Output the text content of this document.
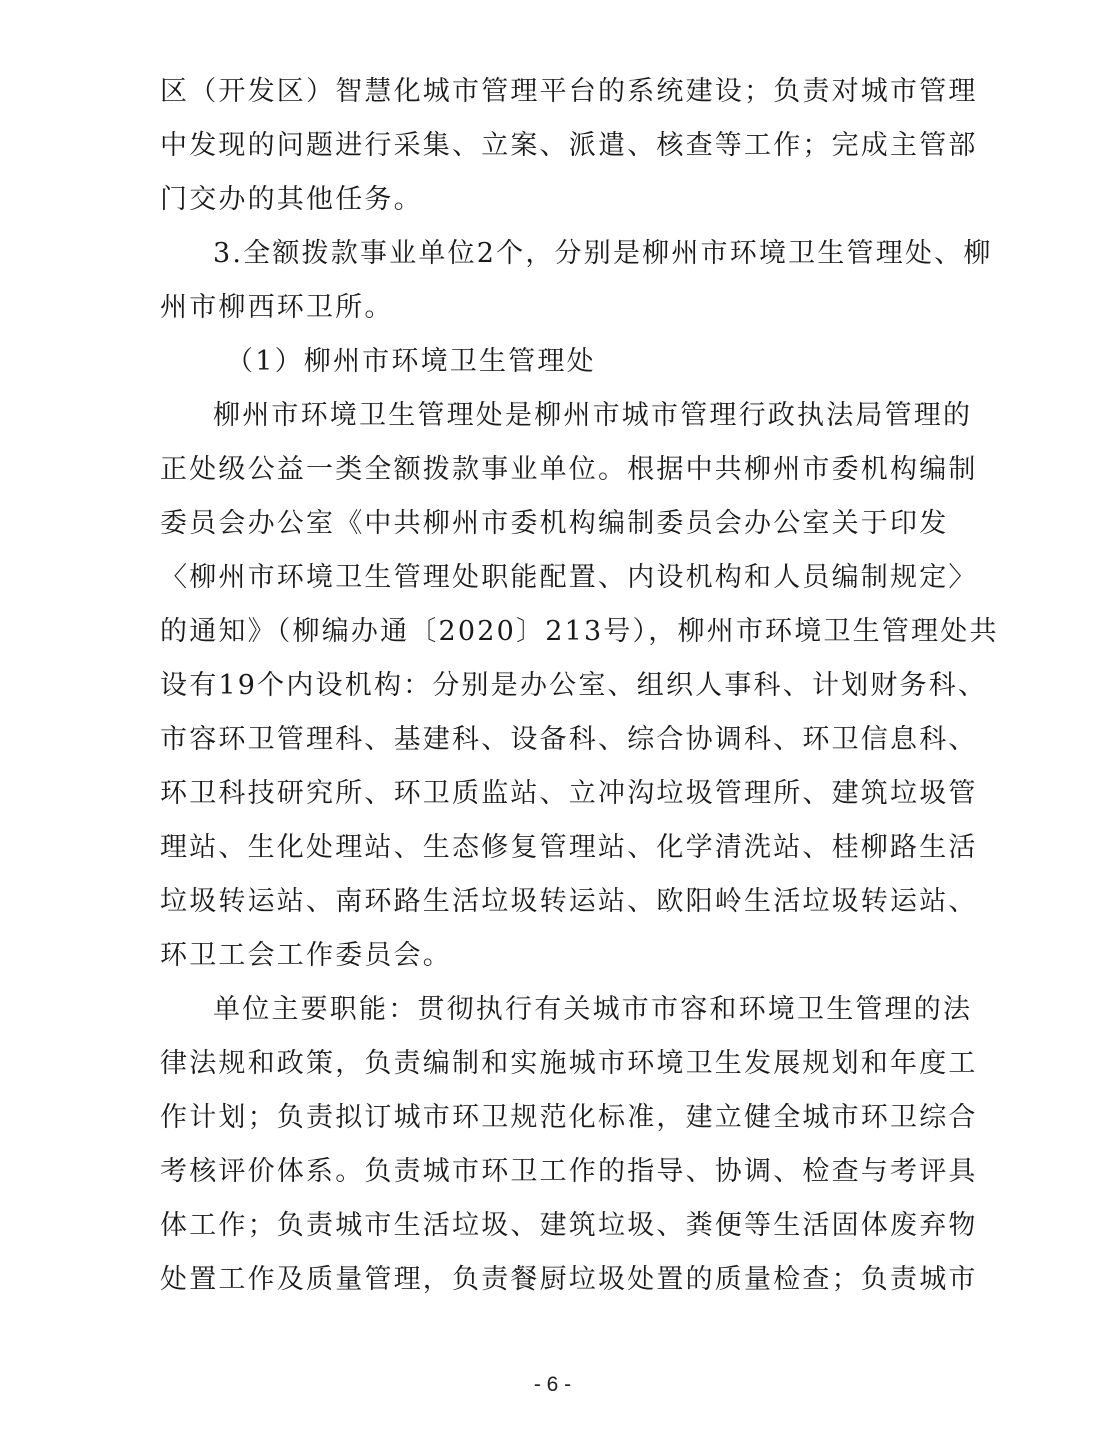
区（开发区）智慧化城市管理平台的系统建设；负责对城市管理
中发现的问题进行采集、立案、派遣、核查等工作；完成主管部
门交办的其他任务。
3.全额拨款事业单位2个，分别是柳州市环境卫生管理处、柳
州市柳西环卫所。
（1）柳州市环境卫生管理处
柳州市环境卫生管理处是柳州市城市管理行政执法局管理的
正处级公益一类全额拨款事业单位。根据中共柳州市委机构编制
委员会办公室《中共柳州市委机构编制委员会办公室关于印发
〈柳州市环境卫生管理处职能配置、内设机构和人员编制规定〉
的通知》（柳编办通〔2020〕213号），柳州市环境卫生管理处共
设有19个内设机构：分别是办公室、组织人事科、计划财务科、
市容环卫管理科、基建科、设备科、综合协调科、环卫信息科、
环卫科技研究所、环卫质监站、立冲沟垃圾管理所、建筑垃圾管
理站、生化处理站、生态修复管理站、化学清洗站、桂柳路生活
垃圾转运站、南环路生活垃圾转运站、欧阳岭生活垃圾转运站、
环卫工会工作委员会。
单位主要职能：贯彻执行有关城市市容和环境卫生管理的法
律法规和政策，负责编制和实施城市环境卫生发展规划和年度工
作计划；负责拟订城市环卫规范化标准，建立健全城市环卫综合
考核评价体系。负责城市环卫工作的指导、协调、检查与考评具
体工作；负责城市生活垃圾、建筑垃圾、粪便等生活固体废弃物
处置工作及质量管理，负责餐厨垃圾处置的质量检查；负责城市
- 6 -
